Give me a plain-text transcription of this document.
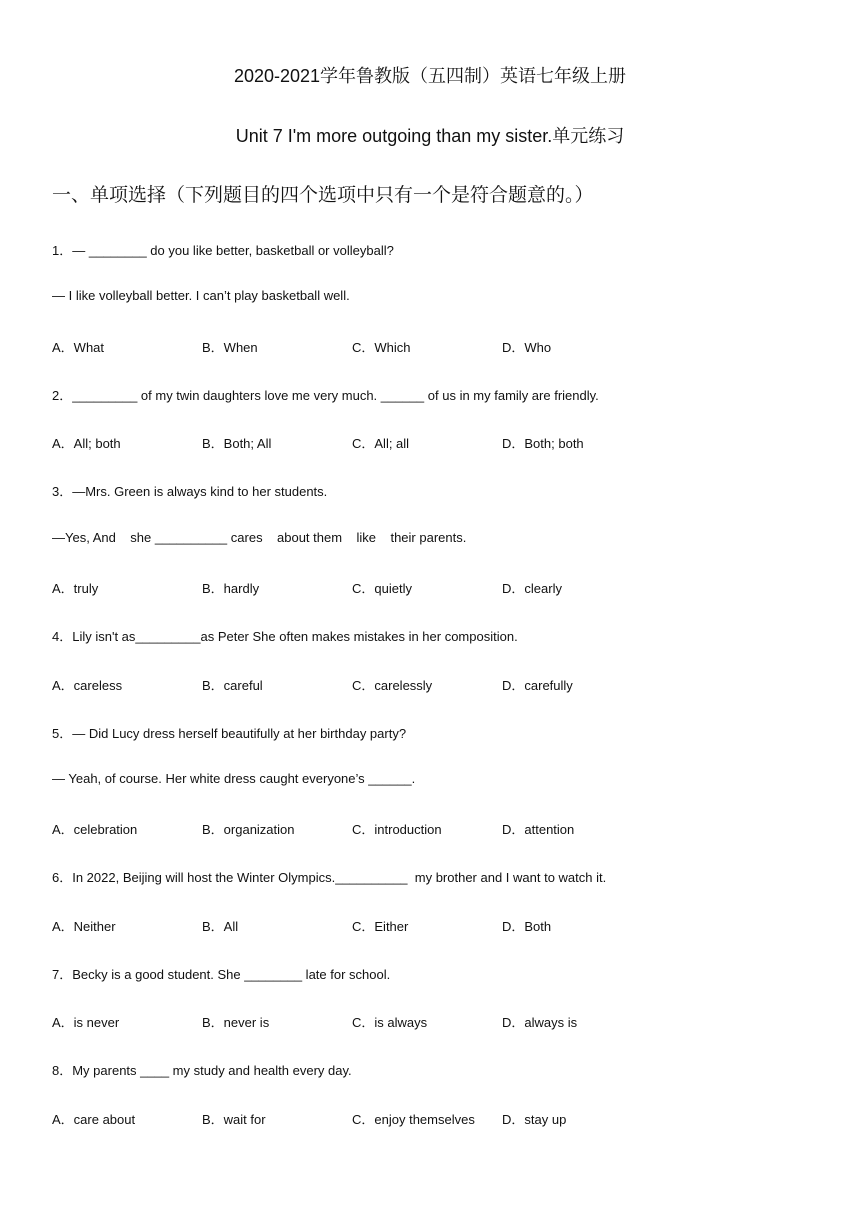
2020-2021学年鲁教版（五四制）英语七年级上册
Unit 7 I'm more outgoing than my sister.单元练习
一、单项选择（下列题目的四个选项中只有一个是符合题意的。）
1．— ________ do you like better, basketball or volleyball?
— I like volleyball better. I can’t play basketball well.
A．What	B．When	C．Which	D．Who
2．_________ of my twin daughters love me very much. ______ of us in my family are friendly.
A．All; both	B．Both; All	C．All; all	D．Both; both
3．—Mrs. Green is always kind to her students.
—Yes, And    she __________ cares    about them    like    their parents.
A．truly	B．hardly	C．quietly	D．clearly
4．Lily isn't as_________as Peter She often makes mistakes in her composition.
A．careless	B．careful	C．carelessly	D．carefully
5．— Did Lucy dress herself beautifully at her birthday party?
— Yeah, of course. Her white dress caught everyone’s ______.
A．celebration	B．organization	C．introduction	D．attention
6．In 2022, Beijing will host the Winter Olympics.__________  my brother and I want to watch it.
A．Neither	B．All	C．Either	D．Both
7．Becky is a good student. She ________ late for school.
A．is never	B．never is	C．is always	D．always is
8．My parents ____ my study and health every day.
A．care about	B．wait for	C．enjoy themselves D．stay up
